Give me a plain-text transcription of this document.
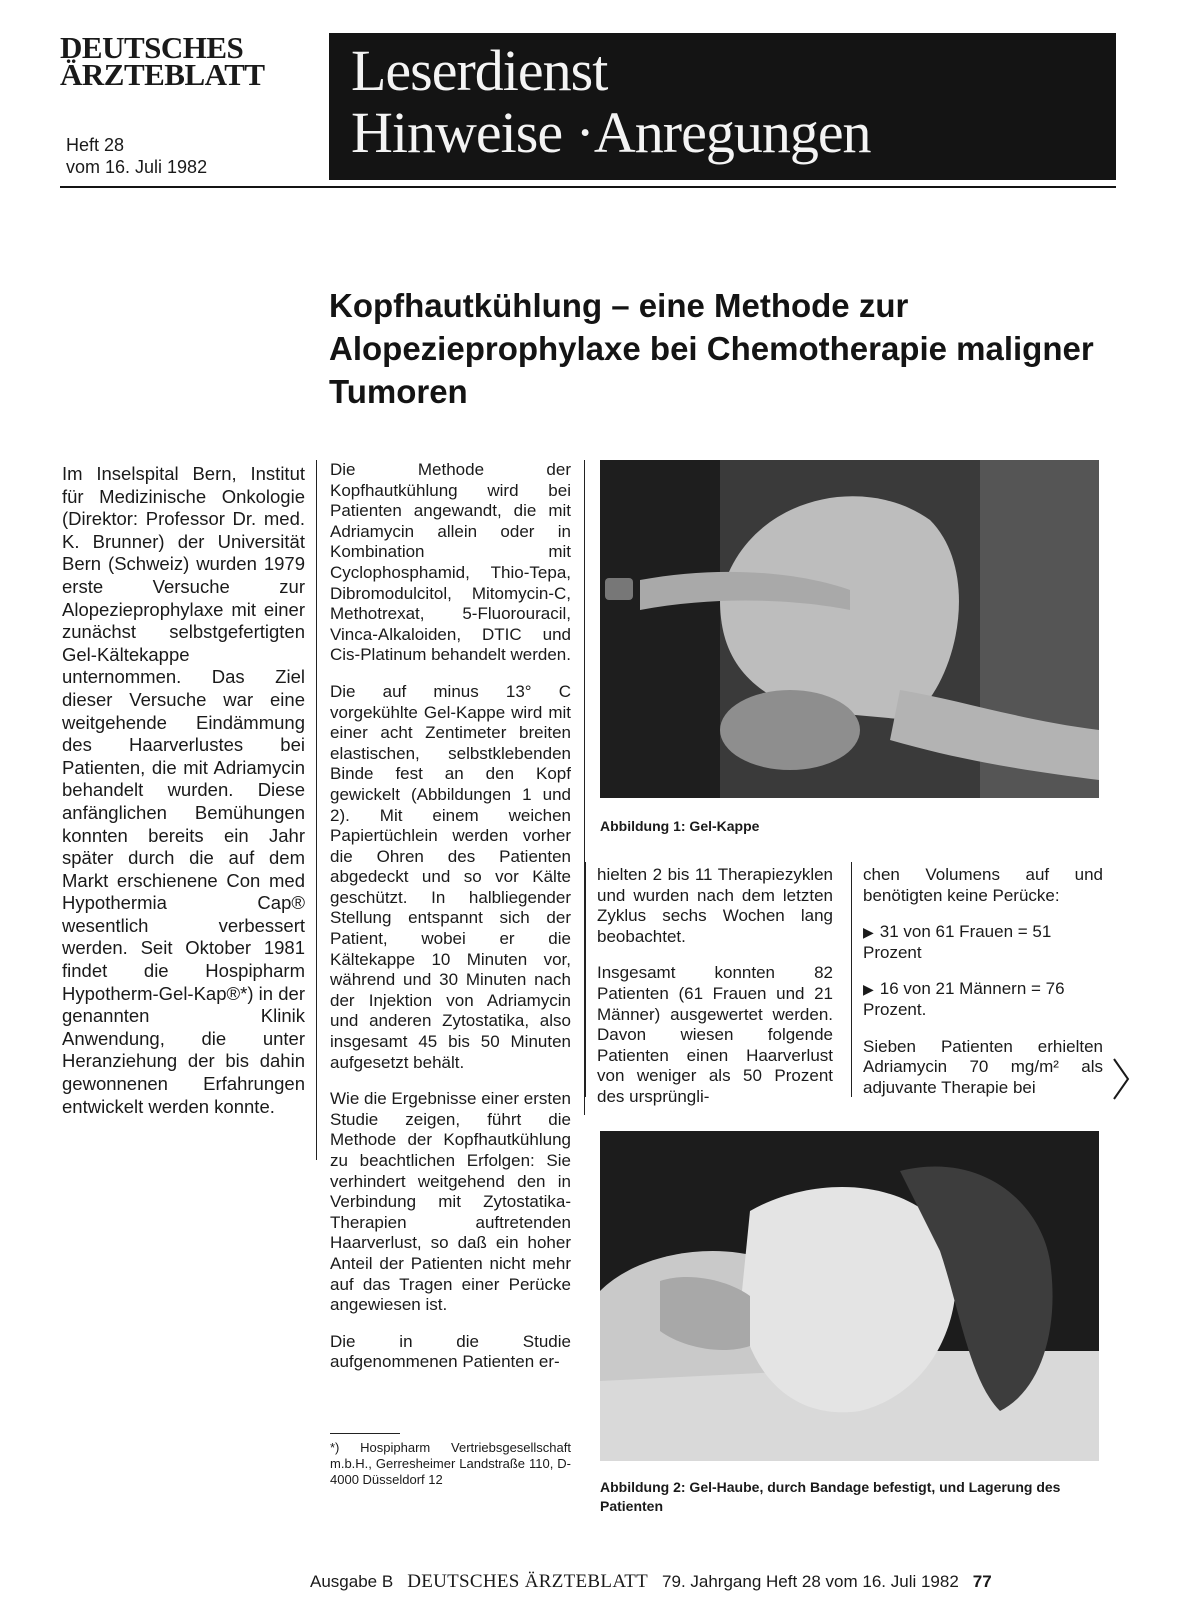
DEUTSCHES
ÄRZTEBLATT
Heft 28
vom 16. Juli 1982
Leserdienst
Hinweise ·Anregungen
Kopfhautkühlung – eine Methode zur Alopezieprophylaxe bei Chemotherapie maligner Tumoren

Im Inselspital Bern, Institut für Medizinische Onkologie (Direktor: Professor Dr. med. K. Brunner) der Universität Bern (Schweiz) wurden 1979 erste Versuche zur Alopezieprophylaxe mit einer zunächst selbstgefertigten Gel-Kältekappe unternommen. Das Ziel dieser Versuche war eine weitgehende Eindämmung des Haarverlustes bei Patienten, die mit Adriamycin behandelt wurden. Diese anfänglichen Bemühungen konnten bereits ein Jahr später durch die auf dem Markt erschienene Con med Hypothermia Cap® wesentlich verbessert werden. Seit Oktober 1981 findet die Hospipharm Hypotherm-Gel-Kap®*) in der genannten Klinik Anwendung, die unter Heranziehung der bis dahin gewonnenen Erfahrungen entwickelt werden konnte.

Die Methode der Kopfhautkühlung wird bei Patienten angewandt, die mit Adriamycin allein oder in Kombination mit Cyclophosphamid, Thio-Tepa, Dibromodulcitol, Mitomycin-C, Methotrexat, 5-Fluorouracil, Vinca-Alkaloiden, DTIC und Cis-Platinum behandelt werden.

Die auf minus 13° C vorgekühlte Gel-Kappe wird mit einer acht Zentimeter breiten elastischen, selbstklebenden Binde fest an den Kopf gewickelt (Abbildungen 1 und 2). Mit einem weichen Papiertüchlein werden vorher die Ohren des Patienten abgedeckt und so vor Kälte geschützt. In halbliegender Stellung entspannt sich der Patient, wobei er die Kältekappe 10 Minuten vor, während und 30 Minuten nach der Injektion von Adriamycin und anderen Zytostatika, also insgesamt 45 bis 50 Minuten aufgesetzt behält.

Wie die Ergebnisse einer ersten Studie zeigen, führt die Methode der Kopfhautkühlung zu beachtlichen Erfolgen: Sie verhindert weitgehend den in Verbindung mit Zytostatika-Therapien auftretenden Haarverlust, so daß ein hoher Anteil der Patienten nicht mehr auf das Tragen einer Perücke angewiesen ist.

Die in die Studie aufgenommenen Patienten er-

Abbildung 1: Gel-Kappe

hielten 2 bis 11 Therapiezyklen und wurden nach dem letzten Zyklus sechs Wochen lang beobachtet.

Insgesamt konnten 82 Patienten (61 Frauen und 21 Männer) ausgewertet werden. Davon wiesen folgende Patienten einen Haarverlust von weniger als 50 Prozent des ursprüngli-

chen Volumens auf und benötigten keine Perücke:

▶ 31 von 61 Frauen = 51 Prozent
▶ 16 von 21 Männern = 76 Prozent.

Sieben Patienten erhielten Adriamycin 70 mg/m² als adjuvante Therapie bei

Abbildung 2: Gel-Haube, durch Bandage befestigt, und Lagerung des Patienten
*) Hospipharm Vertriebsgesellschaft m.b.H., Gerresheimer Landstraße 110, D-4000 Düsseldorf 12
Ausgabe B DEUTSCHES ÄRZTEBLATT 79. Jahrgang Heft 28 vom 16. Juli 1982 77
